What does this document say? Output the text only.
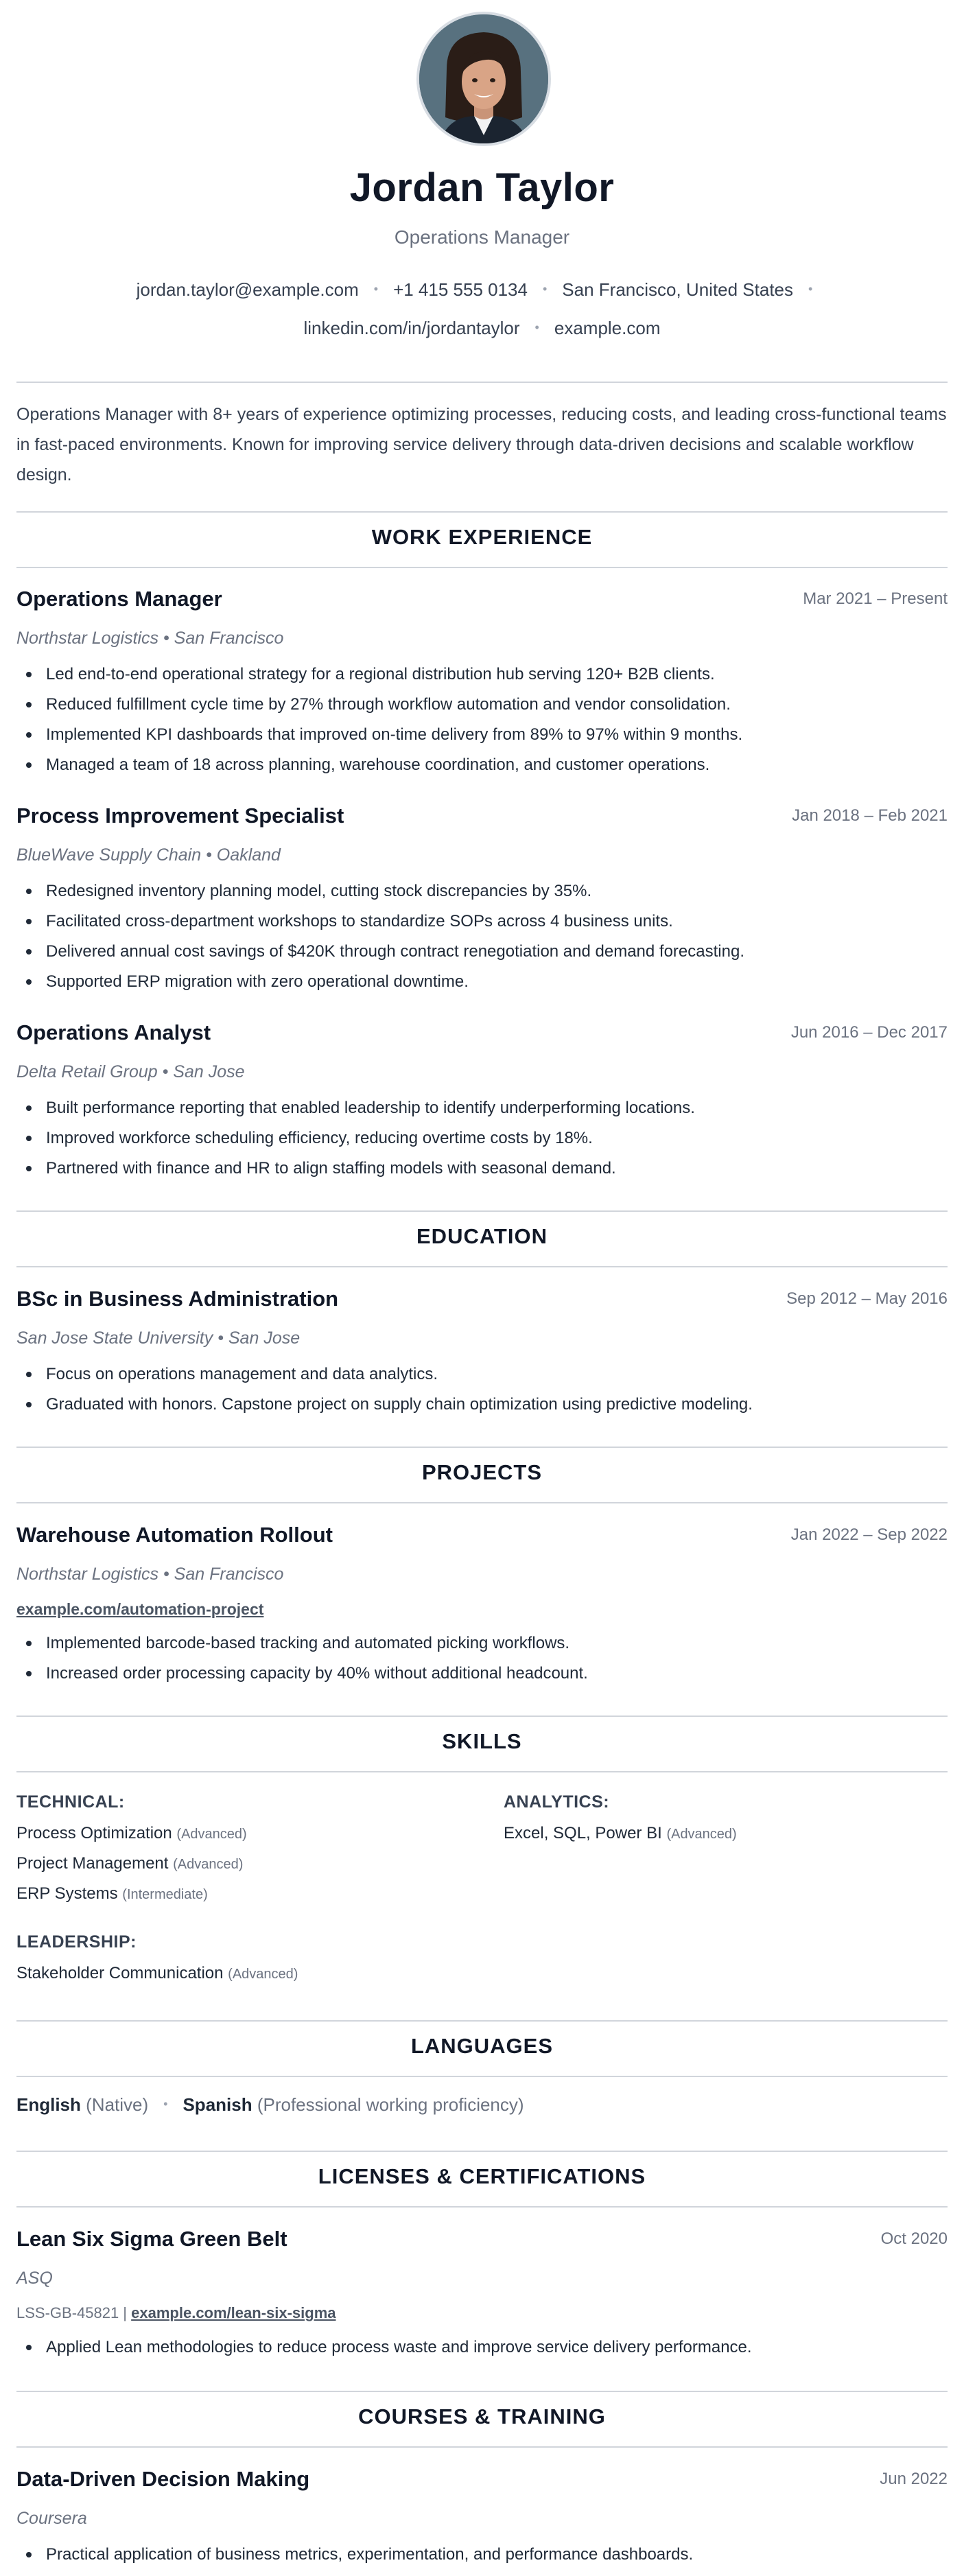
Jordan Taylor
Operations Manager
jordan.taylor@example.com • +1 415 555 0134 • San Francisco, United States •
linkedin.com/in/jordantaylor • example.com
Operations Manager with 8+ years of experience optimizing processes, reducing costs, and leading cross-functional teams in fast-paced environments. Known for improving service delivery through data-driven decisions and scalable workflow design.
WORK EXPERIENCE
Operations Manager	Mar 2021 – Present
Northstar Logistics • San Francisco
Led end-to-end operational strategy for a regional distribution hub serving 120+ B2B clients.
Reduced fulfillment cycle time by 27% through workflow automation and vendor consolidation.
Implemented KPI dashboards that improved on-time delivery from 89% to 97% within 9 months.
Managed a team of 18 across planning, warehouse coordination, and customer operations.
Process Improvement Specialist	Jan 2018 – Feb 2021
BlueWave Supply Chain • Oakland
Redesigned inventory planning model, cutting stock discrepancies by 35%.
Facilitated cross-department workshops to standardize SOPs across 4 business units.
Delivered annual cost savings of $420K through contract renegotiation and demand forecasting.
Supported ERP migration with zero operational downtime.
Operations Analyst	Jun 2016 – Dec 2017
Delta Retail Group • San Jose
Built performance reporting that enabled leadership to identify underperforming locations.
Improved workforce scheduling efficiency, reducing overtime costs by 18%.
Partnered with finance and HR to align staffing models with seasonal demand.
EDUCATION
BSc in Business Administration	Sep 2012 – May 2016
San Jose State University • San Jose
Focus on operations management and data analytics.
Graduated with honors. Capstone project on supply chain optimization using predictive modeling.
PROJECTS
Warehouse Automation Rollout	Jan 2022 – Sep 2022
Northstar Logistics • San Francisco
example.com/automation-project
Implemented barcode-based tracking and automated picking workflows.
Increased order processing capacity by 40% without additional headcount.
SKILLS
TECHNICAL:
Process Optimization (Advanced)
Project Management (Advanced)
ERP Systems (Intermediate)
ANALYTICS:
Excel, SQL, Power BI (Advanced)
LEADERSHIP:
Stakeholder Communication (Advanced)
LANGUAGES
English (Native) • Spanish (Professional working proficiency)
LICENSES & CERTIFICATIONS
Lean Six Sigma Green Belt	Oct 2020
ASQ
LSS-GB-45821 | example.com/lean-six-sigma
Applied Lean methodologies to reduce process waste and improve service delivery performance.
COURSES & TRAINING
Data-Driven Decision Making	Jun 2022
Coursera
Practical application of business metrics, experimentation, and performance dashboards.
